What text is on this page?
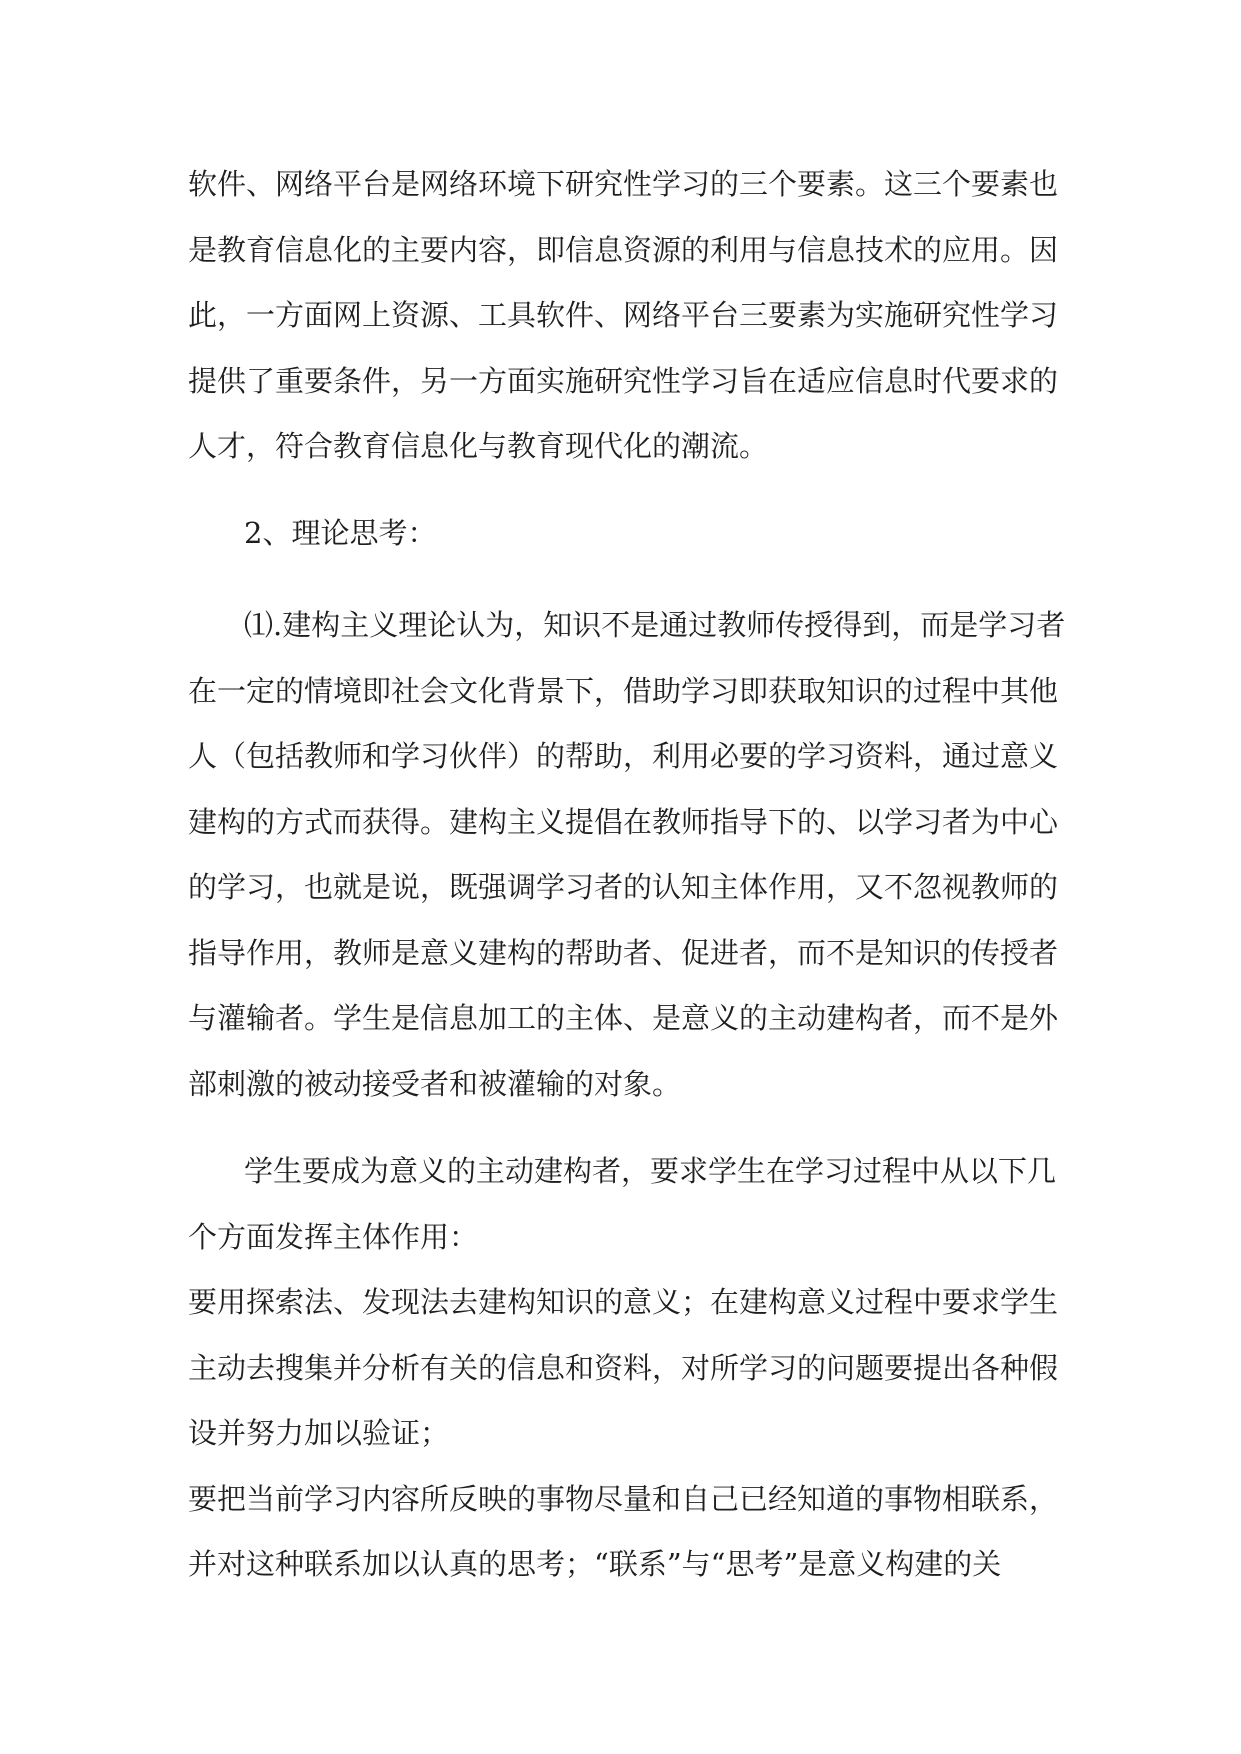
软件、网络平台是网络环境下研究性学习的三个要素。这三个要素也
是教育信息化的主要内容，即信息资源的利用与信息技术的应用。因
此，一方面网上资源、工具软件、网络平台三要素为实施研究性学习
提供了重要条件，另一方面实施研究性学习旨在适应信息时代要求的
人才，符合教育信息化与教育现代化的潮流。
2、理论思考：
⑴.建构主义理论认为，知识不是通过教师传授得到，而是学习者
在一定的情境即社会文化背景下，借助学习即获取知识的过程中其他
人（包括教师和学习伙伴）的帮助，利用必要的学习资料，通过意义
建构的方式而获得。建构主义提倡在教师指导下的、以学习者为中心
的学习，也就是说，既强调学习者的认知主体作用，又不忽视教师的
指导作用，教师是意义建构的帮助者、促进者，而不是知识的传授者
与灌输者。学生是信息加工的主体、是意义的主动建构者，而不是外
部刺激的被动接受者和被灌输的对象。
学生要成为意义的主动建构者，要求学生在学习过程中从以下几
个方面发挥主体作用：
要用探索法、发现法去建构知识的意义；在建构意义过程中要求学生
主动去搜集并分析有关的信息和资料，对所学习的问题要提出各种假
设并努力加以验证；
要把当前学习内容所反映的事物尽量和自己已经知道的事物相联系，
并对这种联系加以认真的思考；“联系”与“思考”是意义构建的关
